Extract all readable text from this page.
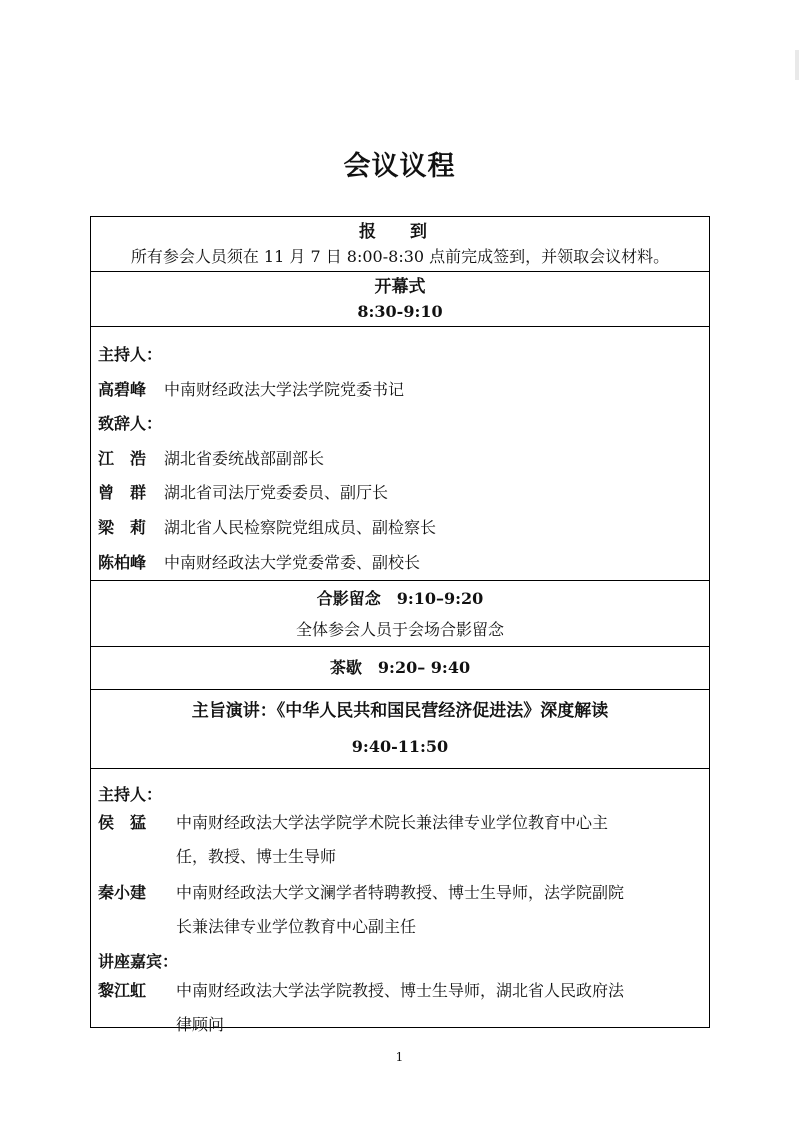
会议议程
报 到
所有参会人员须在 11 月 7 日 8:00-8:30 点前完成签到，并领取会议材料。
开幕式
8:30-9:10
主持人：
高碧峰 中南财经政法大学法学院党委书记
致辞人：
江　浩 湖北省委统战部副部长
曾　群 湖北省司法厅党委委员、副厅长
梁　莉 湖北省人民检察院党组成员、副检察长
陈柏峰 中南财经政法大学党委常委、副校长
合影留念　9:10–9:20
全体参会人员于会场合影留念
茶歇　9:20– 9:40
主旨演讲：《中华人民共和国民营经济促进法》深度解读
9:40-11:50
主持人：
侯　猛	中南财经政法大学法学院学术院长兼法律专业学位教育中心主
任，教授、博士生导师
秦小建	中南财经政法大学文澜学者特聘教授、博士生导师，法学院副院
长兼法律专业学位教育中心副主任
讲座嘉宾：
黎江虹	中南财经政法大学法学院教授、博士生导师，湖北省人民政府法
律顾问
1
